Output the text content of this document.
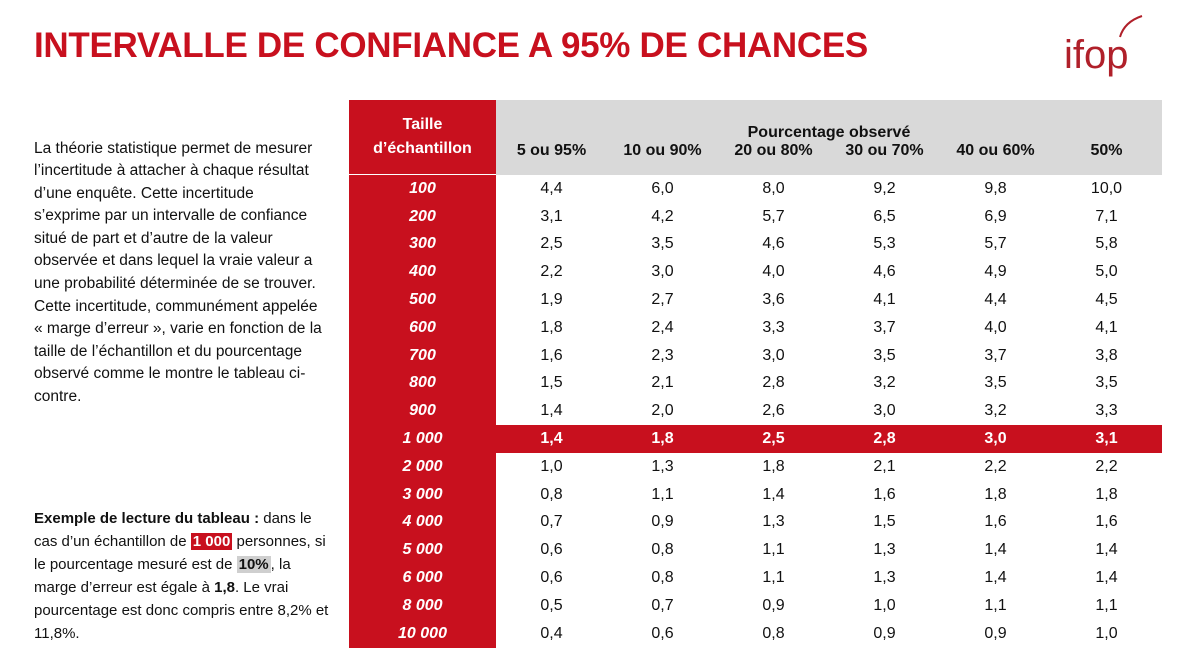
INTERVALLE DE CONFIANCE A 95% DE CHANCES	ifop

La théorie statistique permet de mesurer l’incertitude à attacher à chaque résultat d’une enquête. Cette incertitude s’exprime par un intervalle de confiance situé de part et d’autre de la valeur observée et dans lequel la vraie valeur a une probabilité déterminée de se trouver. Cette incertitude, communément appelée « marge d’erreur », varie en fonction de la taille de l’échantillon et du pourcentage observé comme le montre le tableau ci-contre.

Exemple de lecture du tableau : dans le cas d’un échantillon de 1 000 personnes, si le pourcentage mesuré est de 10% , la marge d’erreur est égale à 1,8. Le vrai pourcentage est donc compris entre 8,2% et 11,8%.

Taille
d’échantillon	Pourcentage observé					
	5 ou 95%	10 ou 90%	20 ou 80%	30 ou 70%	40 ou 60%	50%
100	4,4	6,0	8,0	9,2	9,8	10,0
200	3,1	4,2	5,7	6,5	6,9	7,1
300	2,5	3,5	4,6	5,3	5,7	5,8
400	2,2	3,0	4,0	4,6	4,9	5,0
500	1,9	2,7	3,6	4,1	4,4	4,5
600	1,8	2,4	3,3	3,7	4,0	4,1
700	1,6	2,3	3,0	3,5	3,7	3,8
800	1,5	2,1	2,8	3,2	3,5	3,5
900	1,4	2,0	2,6	3,0	3,2	3,3
1 000	1,4	1,8	2,5	2,8	3,0	3,1
2 000	1,0	1,3	1,8	2,1	2,2	2,2
3 000	0,8	1,1	1,4	1,6	1,8	1,8
4 000	0,7	0,9	1,3	1,5	1,6	1,6
5 000	0,6	0,8	1,1	1,3	1,4	1,4
6 000	0,6	0,8	1,1	1,3	1,4	1,4
8 000	0,5	0,7	0,9	1,0	1,1	1,1
10 000	0,4	0,6	0,8	0,9	0,9	1,0
